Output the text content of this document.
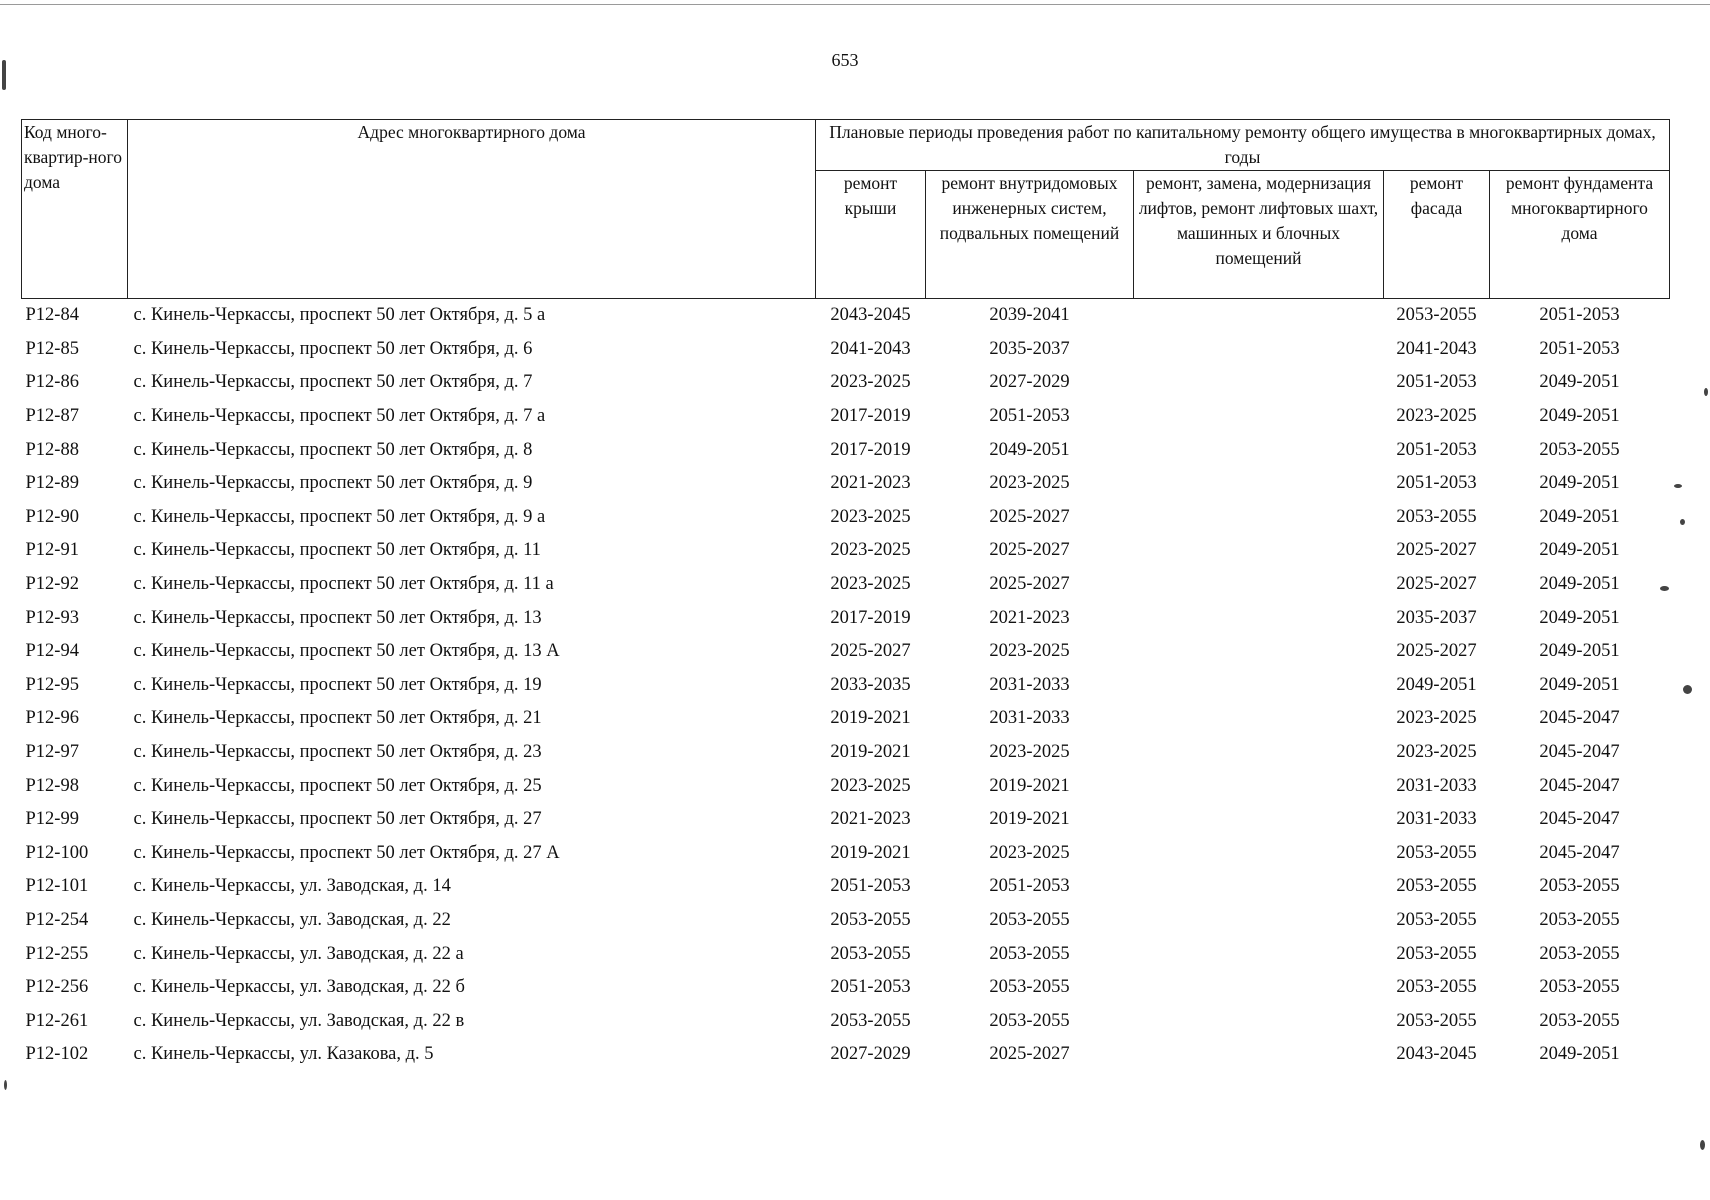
653
Код много-квартир-ного дома	Адрес многоквартирного дома	Плановые периоды проведения работ по капитальному ремонту общего имущества в многоквартирных домах, годы				
		ремонт крыши	ремонт внутридомовых инженерных систем, подвальных помещений	ремонт, замена, модернизация лифтов, ремонт лифтовых шахт, машинных и блочных помещений	ремонт фасада	ремонт фундамента многоквартирного дома
Р12-84	с. Кинель-Черкассы, проспект 50 лет Октября, д. 5 а	2043-2045	2039-2041		2053-2055	2051-2053
Р12-85	с. Кинель-Черкассы, проспект 50 лет Октября, д. 6	2041-2043	2035-2037		2041-2043	2051-2053
Р12-86	с. Кинель-Черкассы, проспект 50 лет Октября, д. 7	2023-2025	2027-2029		2051-2053	2049-2051
Р12-87	с. Кинель-Черкассы, проспект 50 лет Октября, д. 7 а	2017-2019	2051-2053		2023-2025	2049-2051
Р12-88	с. Кинель-Черкассы, проспект 50 лет Октября, д. 8	2017-2019	2049-2051		2051-2053	2053-2055
Р12-89	с. Кинель-Черкассы, проспект 50 лет Октября, д. 9	2021-2023	2023-2025		2051-2053	2049-2051
Р12-90	с. Кинель-Черкассы, проспект 50 лет Октября, д. 9 а	2023-2025	2025-2027		2053-2055	2049-2051
Р12-91	с. Кинель-Черкассы, проспект 50 лет Октября, д. 11	2023-2025	2025-2027		2025-2027	2049-2051
Р12-92	с. Кинель-Черкассы, проспект 50 лет Октября, д. 11 а	2023-2025	2025-2027		2025-2027	2049-2051
Р12-93	с. Кинель-Черкассы, проспект 50 лет Октября, д. 13	2017-2019	2021-2023		2035-2037	2049-2051
Р12-94	с. Кинель-Черкассы, проспект 50 лет Октября, д. 13 А	2025-2027	2023-2025		2025-2027	2049-2051
Р12-95	с. Кинель-Черкассы, проспект 50 лет Октября, д. 19	2033-2035	2031-2033		2049-2051	2049-2051
Р12-96	с. Кинель-Черкассы, проспект 50 лет Октября, д. 21	2019-2021	2031-2033		2023-2025	2045-2047
Р12-97	с. Кинель-Черкассы, проспект 50 лет Октября, д. 23	2019-2021	2023-2025		2023-2025	2045-2047
Р12-98	с. Кинель-Черкассы, проспект 50 лет Октября, д. 25	2023-2025	2019-2021		2031-2033	2045-2047
Р12-99	с. Кинель-Черкассы, проспект 50 лет Октября, д. 27	2021-2023	2019-2021		2031-2033	2045-2047
Р12-100	с. Кинель-Черкассы, проспект 50 лет Октября, д. 27 А	2019-2021	2023-2025		2053-2055	2045-2047
Р12-101	с. Кинель-Черкассы, ул. Заводская, д. 14	2051-2053	2051-2053		2053-2055	2053-2055
Р12-254	с. Кинель-Черкассы, ул. Заводская, д. 22	2053-2055	2053-2055		2053-2055	2053-2055
Р12-255	с. Кинель-Черкассы, ул. Заводская, д. 22 а	2053-2055	2053-2055		2053-2055	2053-2055
Р12-256	с. Кинель-Черкассы, ул. Заводская, д. 22 б	2051-2053	2053-2055		2053-2055	2053-2055
Р12-261	с. Кинель-Черкассы, ул. Заводская, д. 22 в	2053-2055	2053-2055		2053-2055	2053-2055
Р12-102	с. Кинель-Черкассы, ул. Казакова, д. 5	2027-2029	2025-2027		2043-2045	2049-2051
